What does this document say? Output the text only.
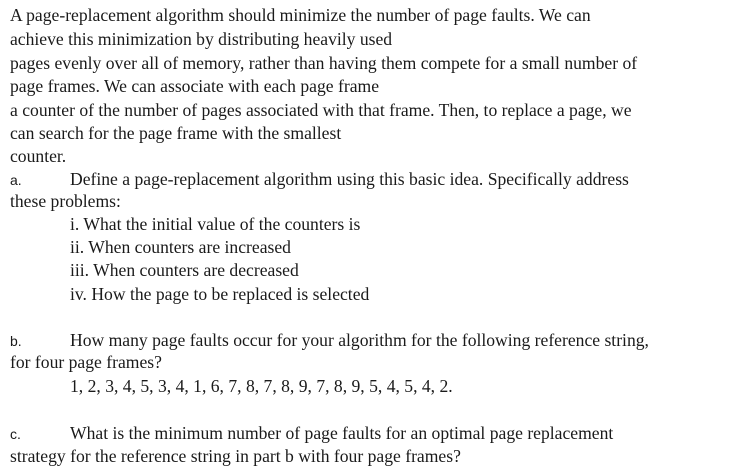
A page-replacement algorithm should minimize the number of page faults. We can
achieve this minimization by distributing heavily used
pages evenly over all of memory, rather than having them compete for a small number of
page frames. We can associate with each page frame
a counter of the number of pages associated with that frame. Then, to replace a page, we
can search for the page frame with the smallest
counter.
a.	Define a page-replacement algorithm using this basic idea. Specifically address
these problems:
i. What the initial value of the counters is
ii. When counters are increased
iii. When counters are decreased
iv. How the page to be replaced is selected
b.	How many page faults occur for your algorithm for the following reference string,
for four page frames?
1, 2, 3, 4, 5, 3, 4, 1, 6, 7, 8, 7, 8, 9, 7, 8, 9, 5, 4, 5, 4, 2.
c.	What is the minimum number of page faults for an optimal page replacement
strategy for the reference string in part b with four page frames?
